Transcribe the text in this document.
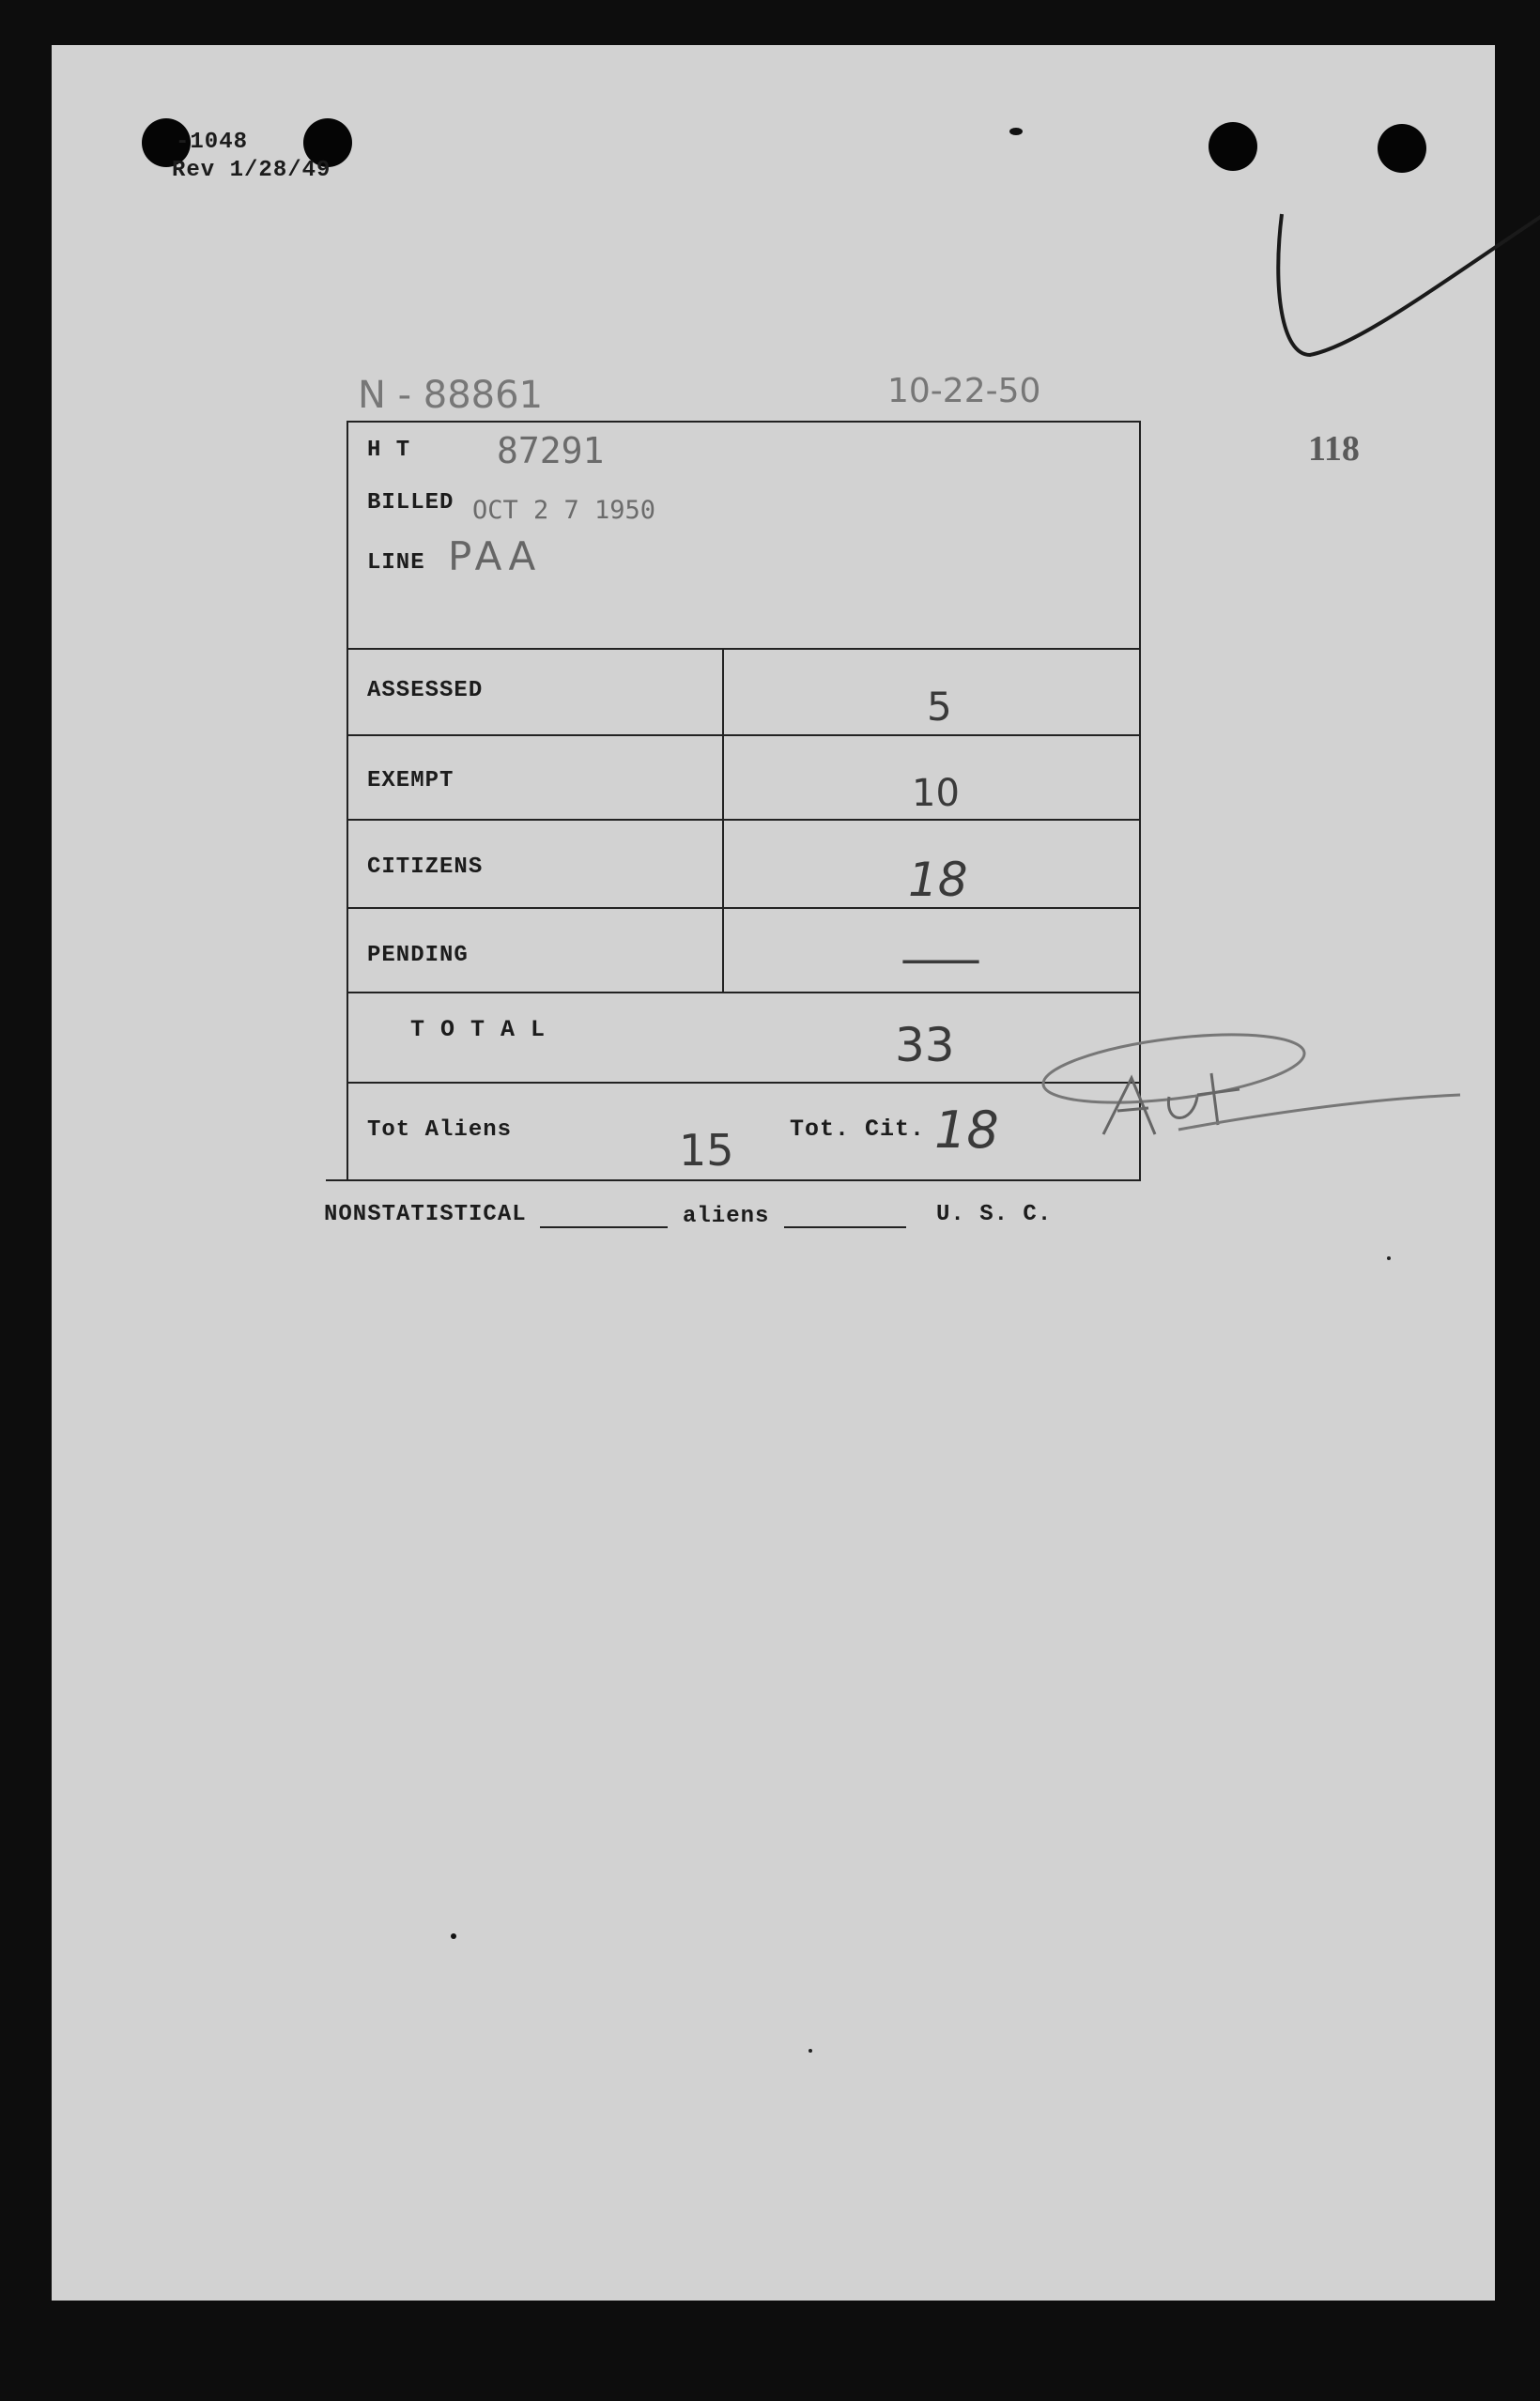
-1048
Rev 1/28/49
118
N - 88861	10-22-50
H T 87291
BILLED OCT 2 7 1950
LINE PAA
ASSESSED	5
EXEMPT	10
CITIZENS	18
PENDING	—
T O T A L	33
Tot Aliens	15 Tot. Cit. 18
NONSTATISTICAL	aliens	U. S. C.
